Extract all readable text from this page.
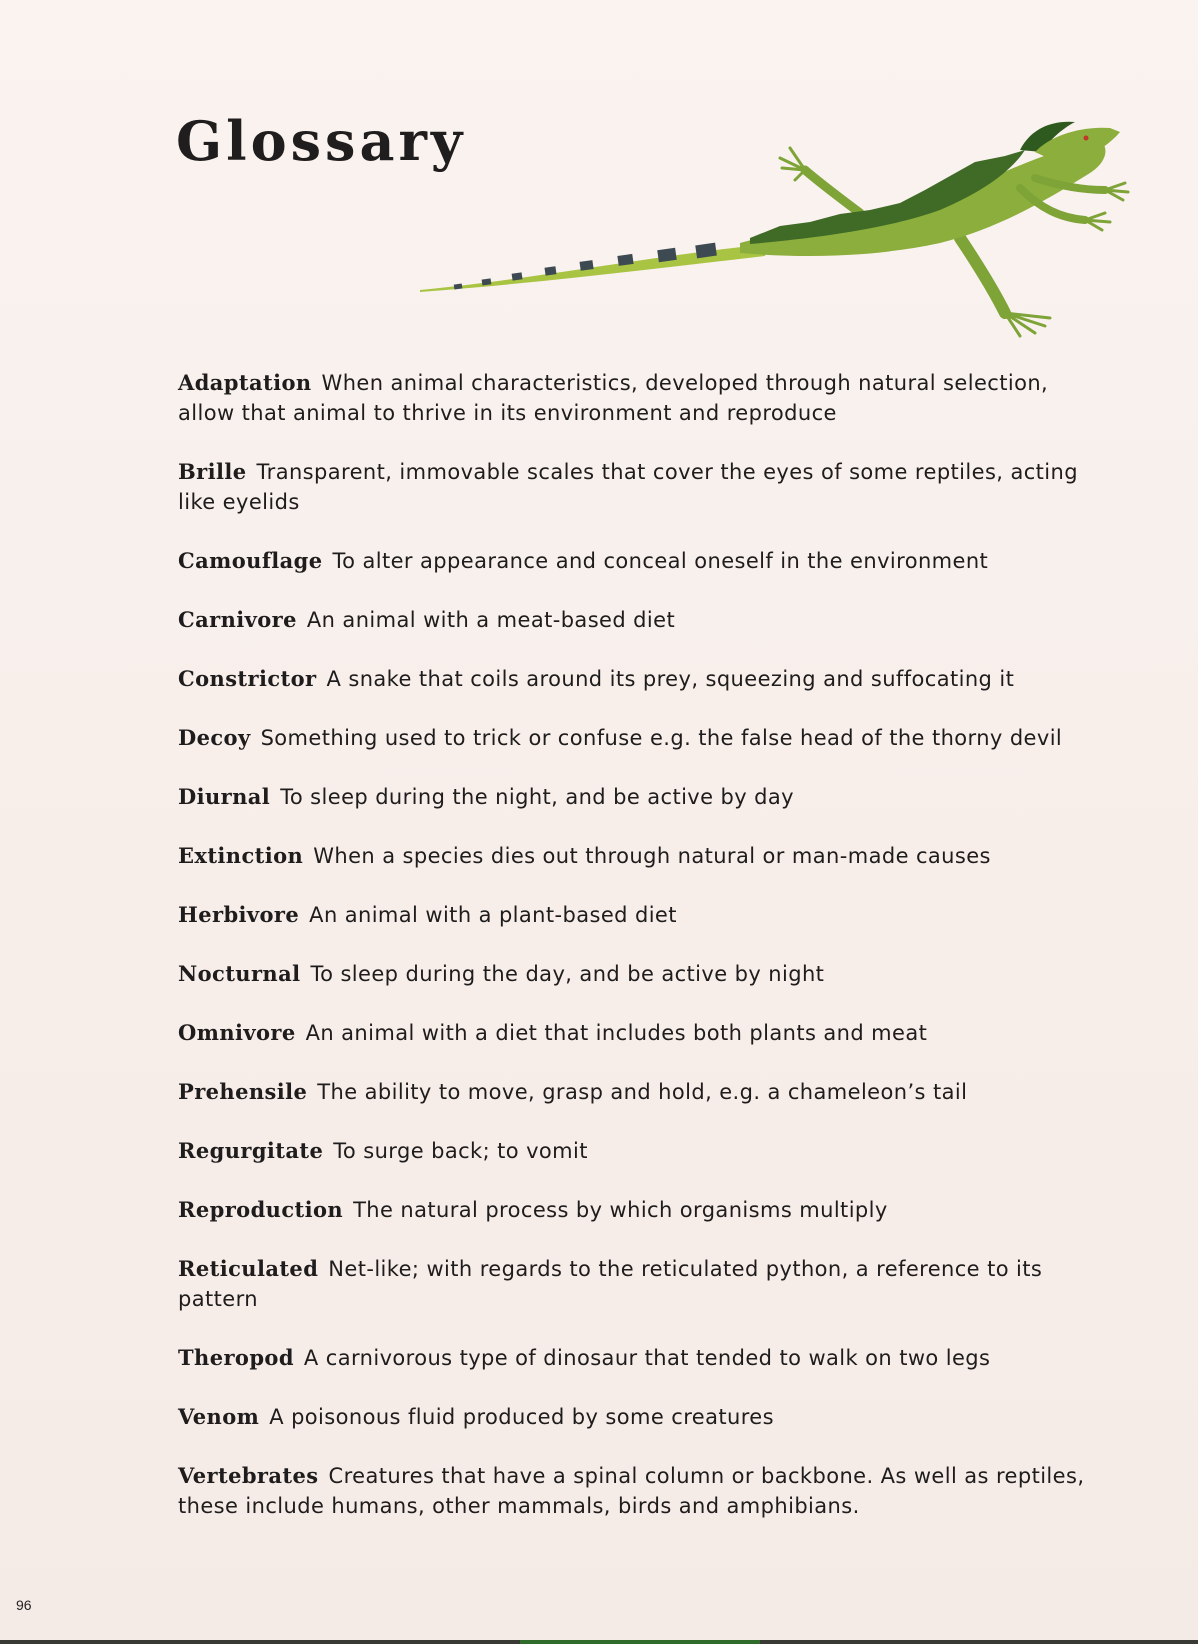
Glossary
Adaptation When animal characteristics, developed through natural selection, allow that animal to thrive in its environment and reproduce
Brille Transparent, immovable scales that cover the eyes of some reptiles, acting like eyelids
Camouflage To alter appearance and conceal oneself in the environment
Carnivore An animal with a meat-based diet
Constrictor A snake that coils around its prey, squeezing and suffocating it
Decoy Something used to trick or confuse e.g. the false head of the thorny devil
Diurnal To sleep during the night, and be active by day
Extinction When a species dies out through natural or man-made causes
Herbivore An animal with a plant-based diet
Nocturnal To sleep during the day, and be active by night
Omnivore An animal with a diet that includes both plants and meat
Prehensile The ability to move, grasp and hold, e.g. a chameleon’s tail
Regurgitate To surge back; to vomit
Reproduction The natural process by which organisms multiply
Reticulated Net-like; with regards to the reticulated python, a reference to its pattern
Theropod A carnivorous type of dinosaur that tended to walk on two legs
Venom A poisonous fluid produced by some creatures
Vertebrates Creatures that have a spinal column or backbone. As well as reptiles, these include humans, other mammals, birds and amphibians.
96
